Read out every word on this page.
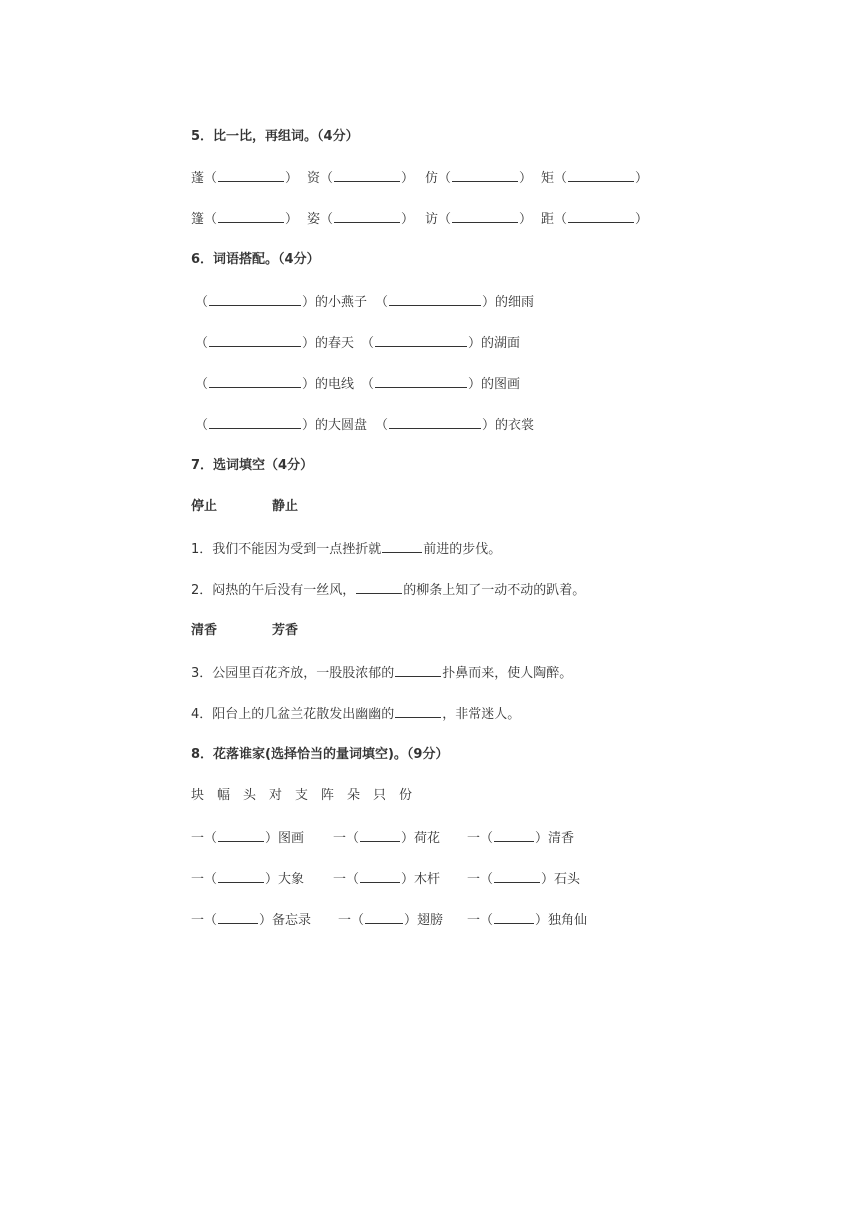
5．比一比，再组词。（4分）
蓬（	） 资（	） 仿（	） 矩（	）
篷（	） 姿（	） 访（	） 距（	）
6．词语搭配。（4分）
（	）的小燕子 （	）的细雨
（	）的春天 （	）的湖面
（	）的电线 （	）的图画
（	）的大圆盘 （	）的衣裳
7．选词填空（4分）
停止	静止
1．我们不能因为受到一点挫折就	前进的步伐。
2．闷热的午后没有一丝风，	的柳条上知了一动不动的趴着。
清香	芳香
3．公园里百花齐放，一股股浓郁的	扑鼻而来，使人陶醉。
4．阳台上的几盆兰花散发出幽幽的	，非常迷人。
8．花落谁家(选择恰当的量词填空)。（9分）
块 幅 头 对 支 阵 朵 只 份
一（	）图画 一（	）荷花 一（	）清香
一（	）大象 一（	）木杆 一（	）石头
一（	）备忘录 一（	）翅膀 一（	）独角仙
